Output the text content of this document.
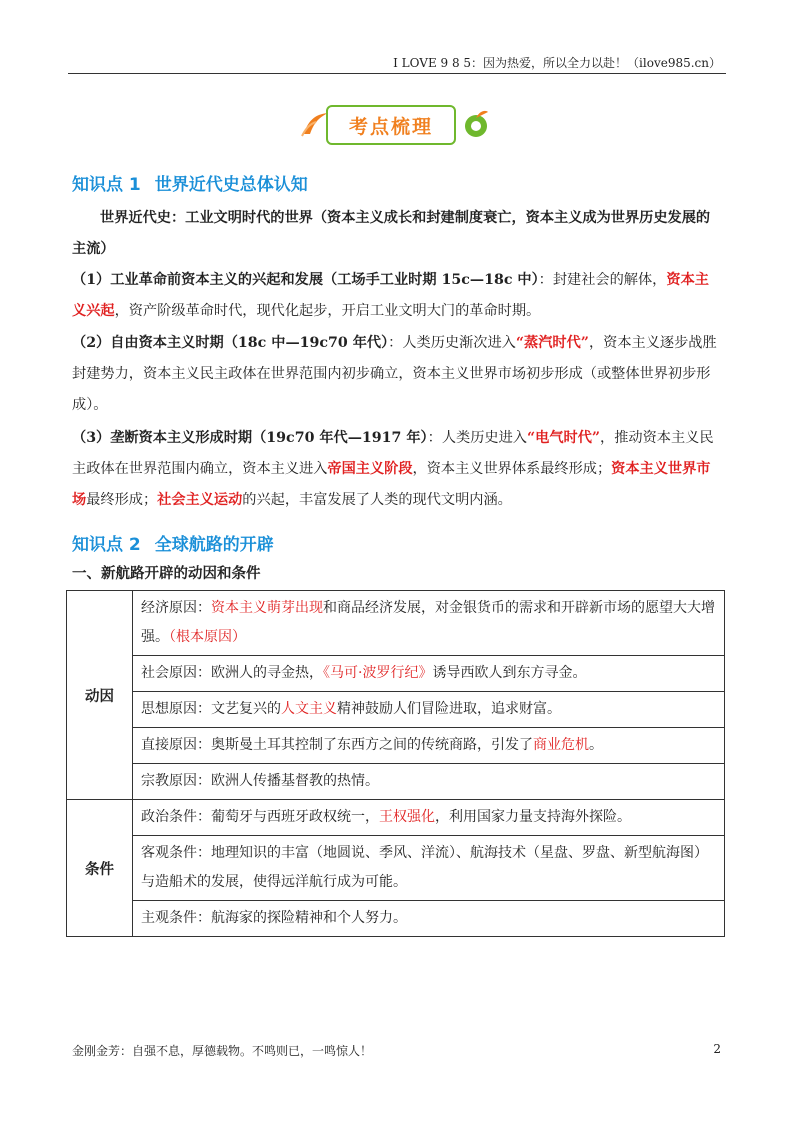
I LOVE 9 8 5：因为热爱，所以全力以赴！（ilove985.cn）
考点梳理
知识点 1 世界近代史总体认知
世界近代史：工业文明时代的世界（资本主义成长和封建制度衰亡，资本主义成为世界历史发展的主流）
（1）工业革命前资本主义的兴起和发展（工场手工业时期 15c—18c 中）：封建社会的解体，资本主义兴起，资产阶级革命时代，现代化起步，开启工业文明大门的革命时期。
（2）自由资本主义时期（18c 中—19c70 年代）：人类历史渐次进入“蒸汽时代”，资本主义逐步战胜封建势力，资本主义民主政体在世界范围内初步确立，资本主义世界市场初步形成（或整体世界初步形成）。
（3）垄断资本主义形成时期（19c70 年代—1917 年）：人类历史进入“电气时代”，推动资本主义民主政体在世界范围内确立，资本主义进入帝国主义阶段，资本主义世界体系最终形成；资本主义世界市场最终形成；社会主义运动的兴起，丰富发展了人类的现代文明内涵。
知识点 2 全球航路的开辟
一、新航路开辟的动因和条件
动因	经济原因：资本主义萌芽出现和商品经济发展，对金银货币的需求和开辟新市场的愿望大大增强。（根本原因）
	社会原因：欧洲人的寻金热，《马可·波罗行纪》诱导西欧人到东方寻金。
	思想原因：文艺复兴的人文主义精神鼓励人们冒险进取，追求财富。
	直接原因：奥斯曼土耳其控制了东西方之间的传统商路，引发了商业危机。
	宗教原因：欧洲人传播基督教的热情。
条件	政治条件：葡萄牙与西班牙政权统一，王权强化，利用国家力量支持海外探险。
	客观条件：地理知识的丰富（地圆说、季风、洋流）、航海技术（星盘、罗盘、新型航海图）与造船术的发展，使得远洋航行成为可能。
	主观条件：航海家的探险精神和个人努力。
金刚金芳：自强不息，厚德载物。不鸣则已，一鸣惊人！	2
